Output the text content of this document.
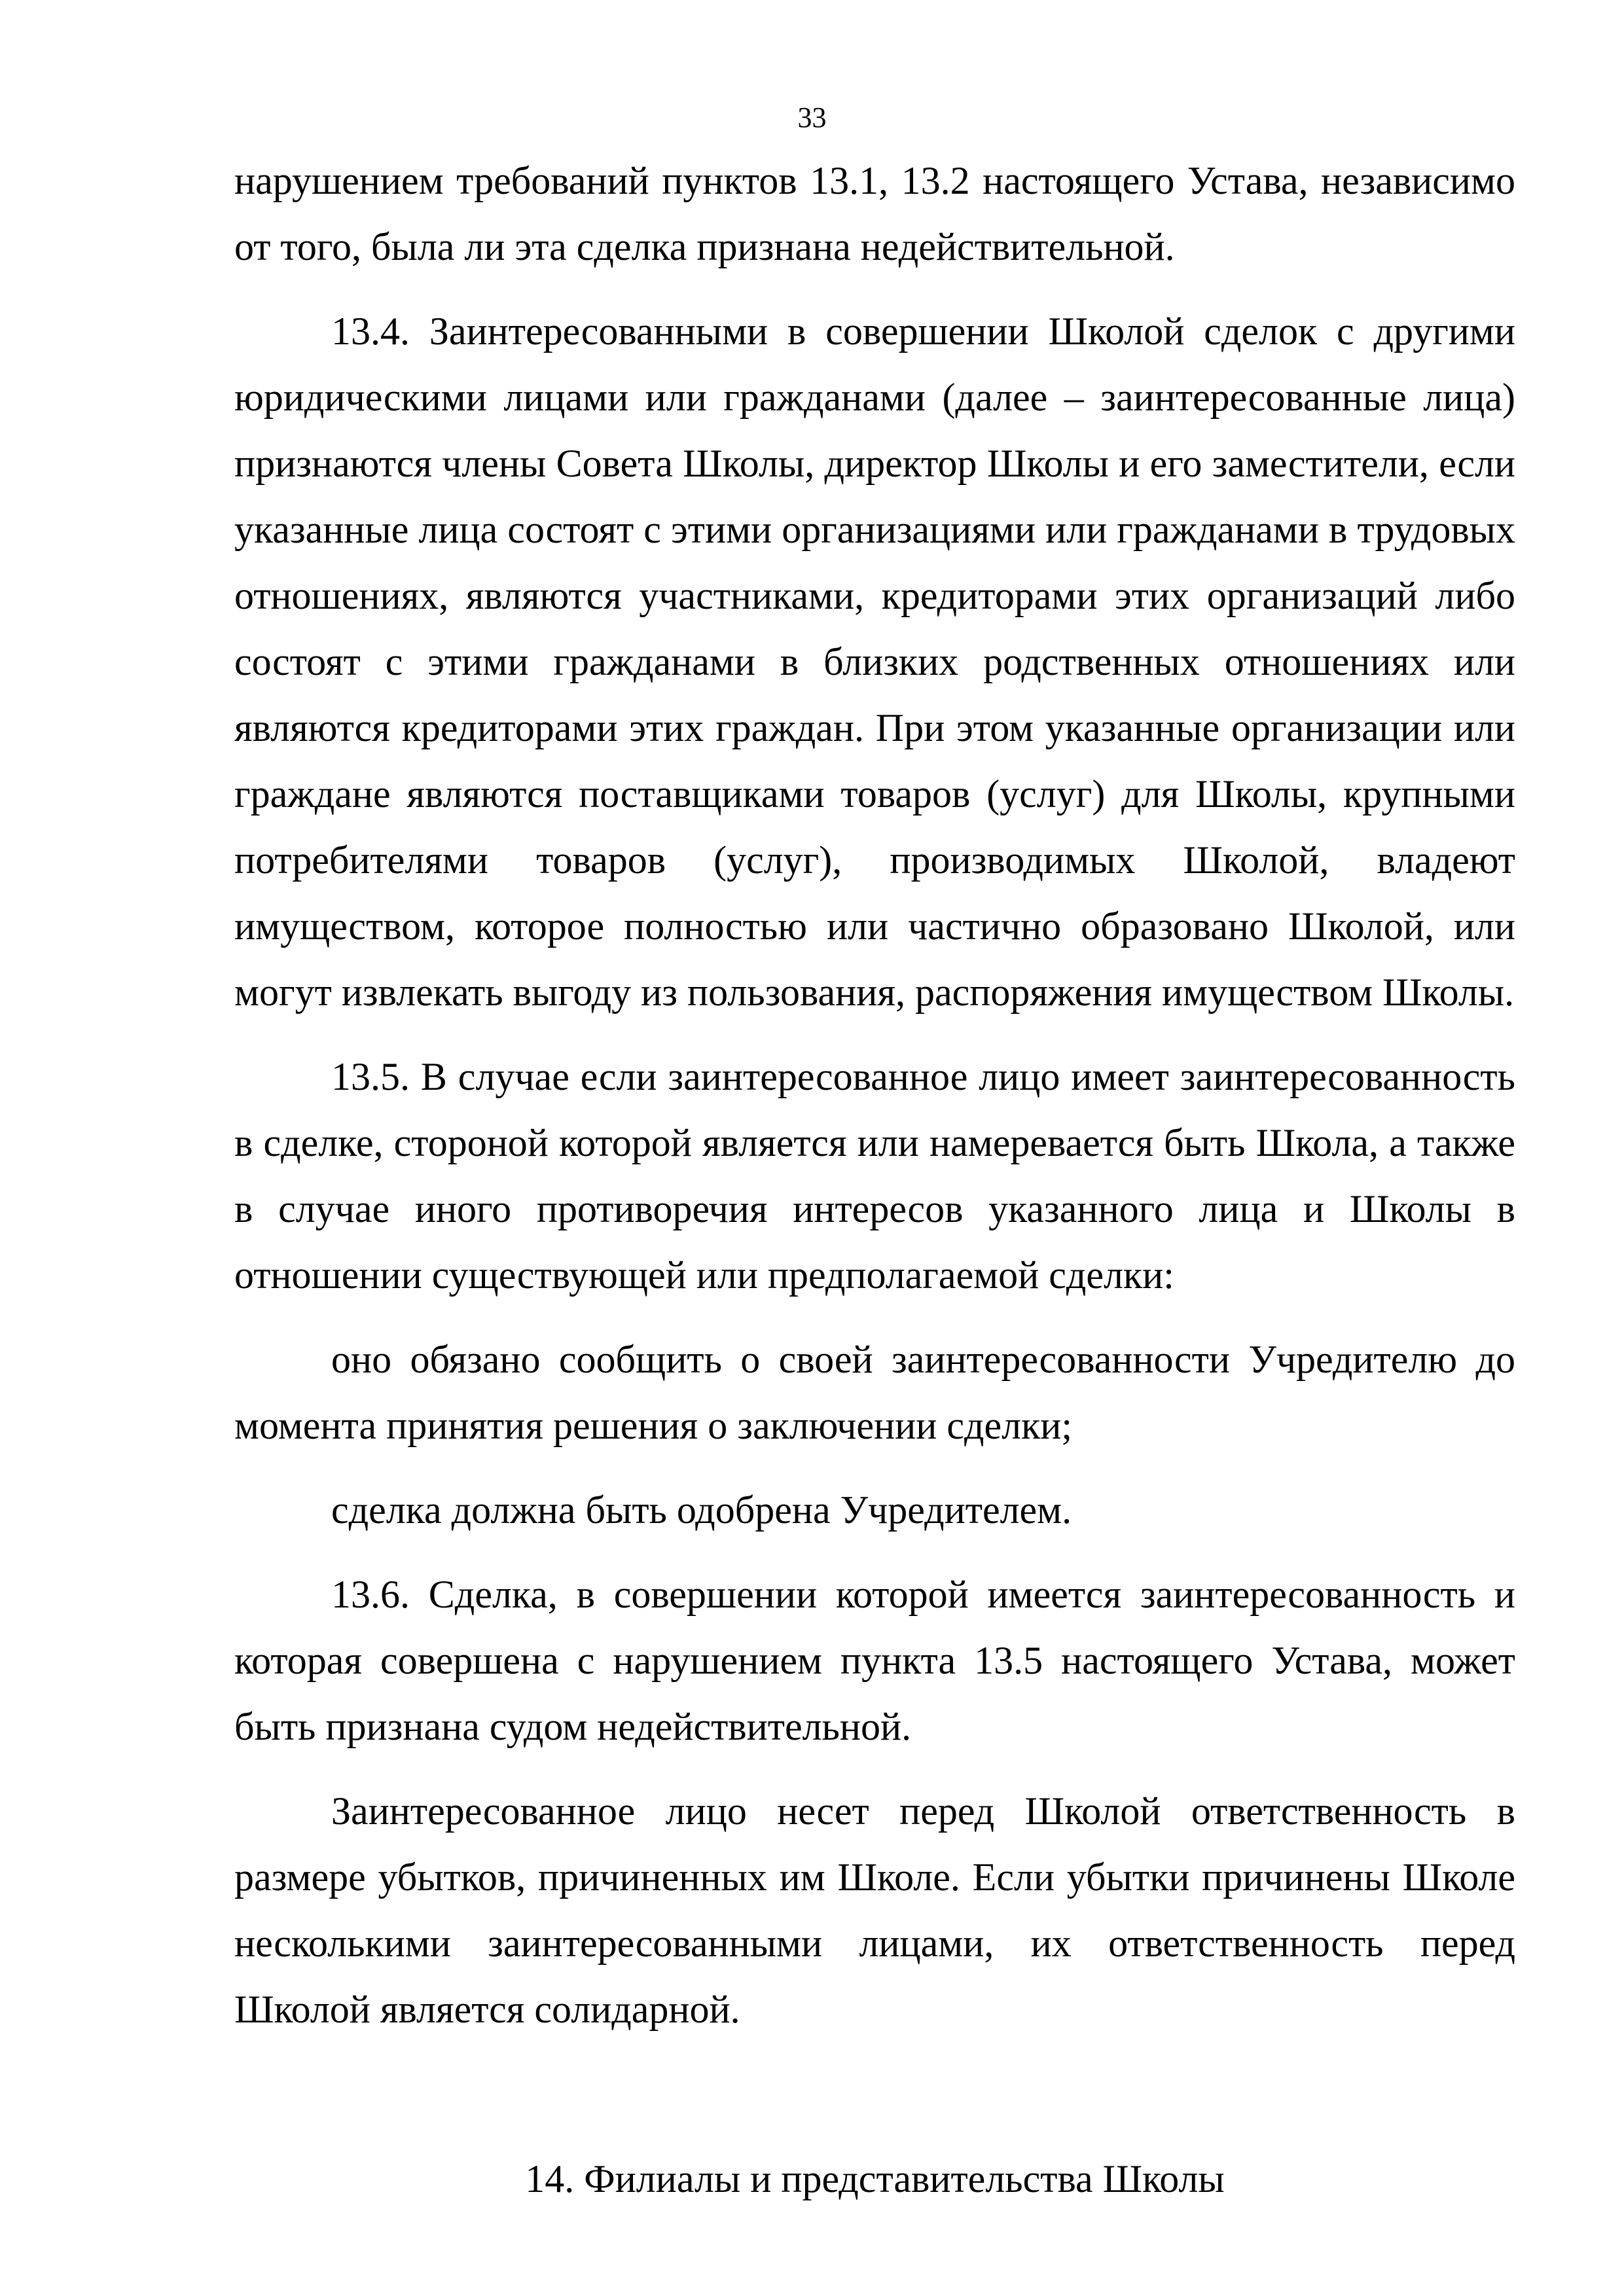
33

нарушением требований пунктов 13.1, 13.2 настоящего Устава, независимо от того, была ли эта сделка признана недействительной.

13.4. Заинтересованными в совершении Школой сделок с другими юридическими лицами или гражданами (далее – заинтересованные лица) признаются члены Совета Школы, директор Школы и его заместители, если указанные лица состоят с этими организациями или гражданами в трудовых отношениях, являются участниками, кредиторами этих организаций либо состоят с этими гражданами в близких родственных отношениях или являются кредиторами этих граждан. При этом указанные организации или граждане являются поставщиками товаров (услуг) для Школы, крупными потребителями товаров (услуг), производимых Школой, владеют имуществом, которое полностью или частично образовано Школой, или могут извлекать выгоду из пользования, распоряжения имуществом Школы.

13.5. В случае если заинтересованное лицо имеет заинтересованность в сделке, стороной которой является или намеревается быть Школа, а также в случае иного противоречия интересов указанного лица и Школы в отношении существующей или предполагаемой сделки:

оно обязано сообщить о своей заинтересованности Учредителю до момента принятия решения о заключении сделки;

сделка должна быть одобрена Учредителем.

13.6. Сделка, в совершении которой имеется заинтересованность и которая совершена с нарушением пункта 13.5 настоящего Устава, может быть признана судом недействительной.

Заинтересованное лицо несет перед Школой ответственность в размере убытков, причиненных им Школе. Если убытки причинены Школе несколькими заинтересованными лицами, их ответственность перед Школой является солидарной.

14. Филиалы и представительства Школы
